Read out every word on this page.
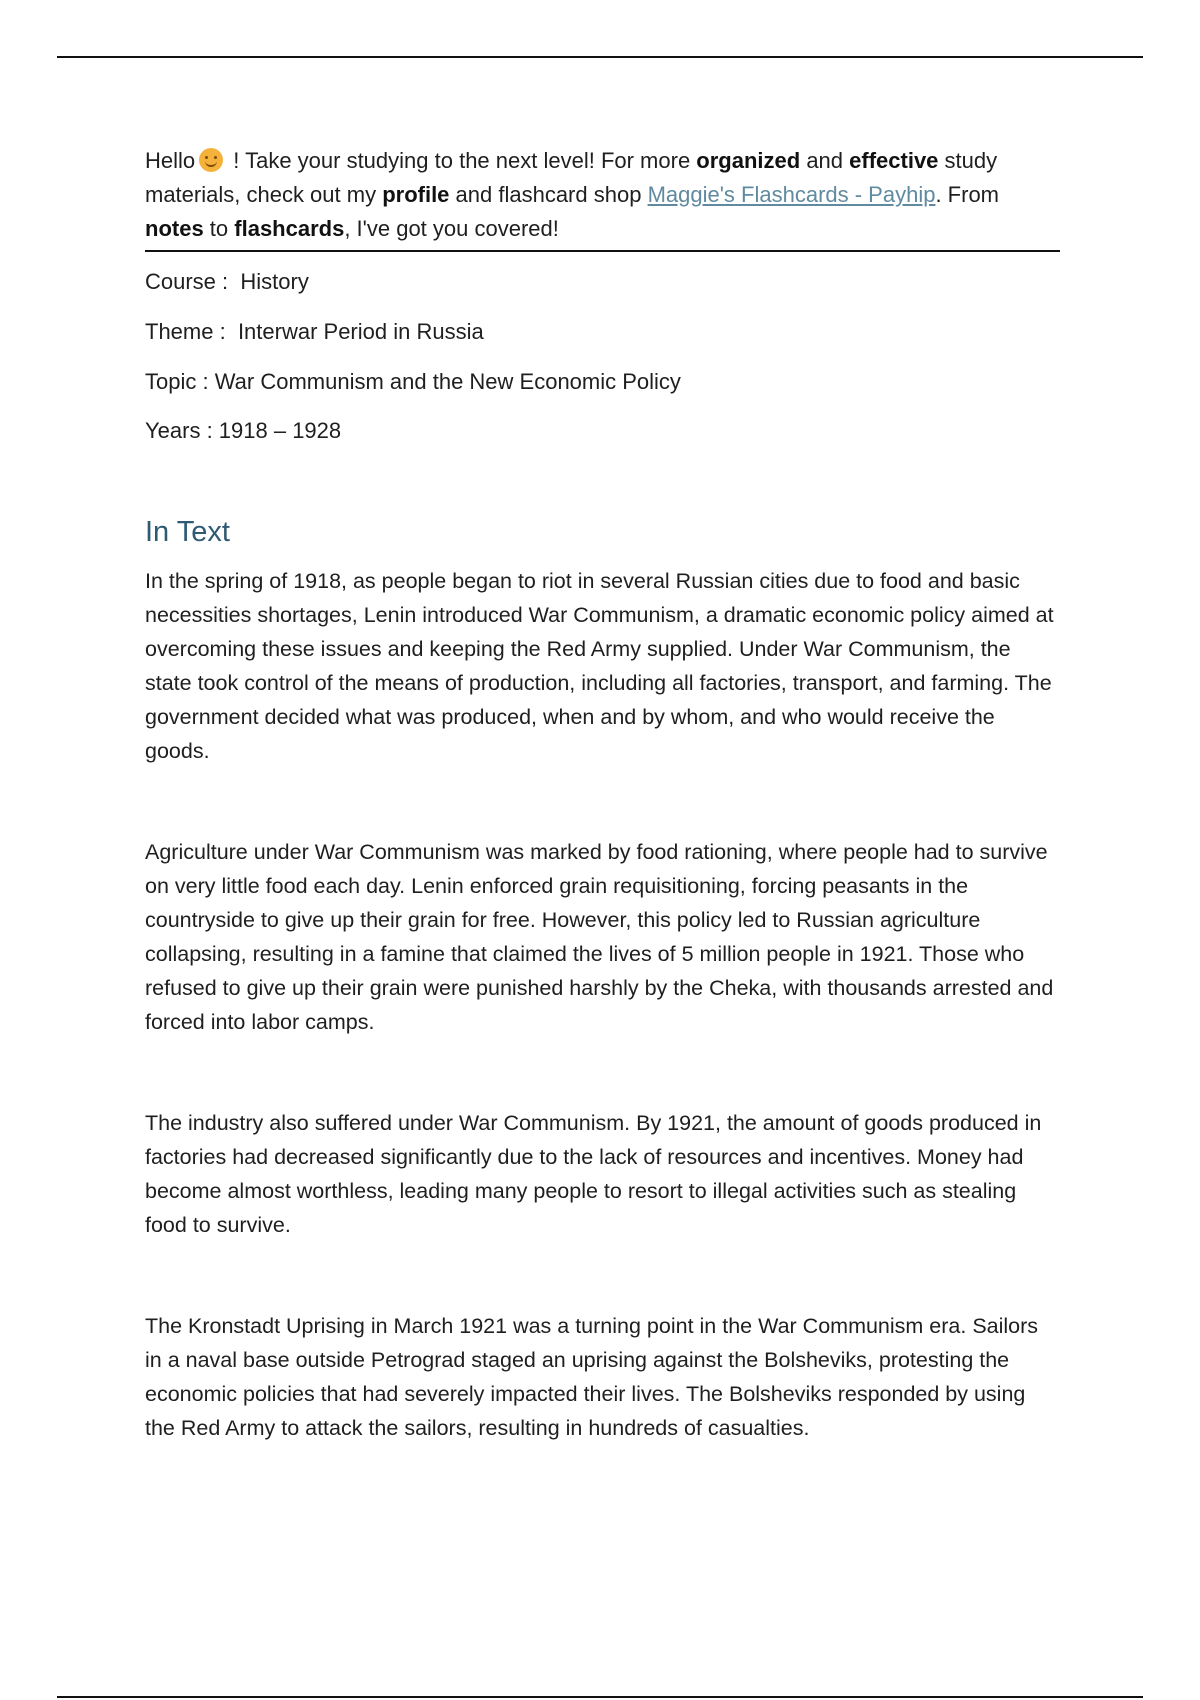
Hello ! Take your studying to the next level! For more organized and effective study materials, check out my profile and flashcard shop Maggie's Flashcards - Payhip. From notes to flashcards, I've got you covered!

Course :  History

Theme :  Interwar Period in Russia

Topic : War Communism and the New Economic Policy

Years : 1918 – 1928

In Text

In the spring of 1918, as people began to riot in several Russian cities due to food and basic necessities shortages, Lenin introduced War Communism, a dramatic economic policy aimed at overcoming these issues and keeping the Red Army supplied. Under War Communism, the state took control of the means of production, including all factories, transport, and farming. The government decided what was produced, when and by whom, and who would receive the goods.

Agriculture under War Communism was marked by food rationing, where people had to survive on very little food each day. Lenin enforced grain requisitioning, forcing peasants in the countryside to give up their grain for free. However, this policy led to Russian agriculture collapsing, resulting in a famine that claimed the lives of 5 million people in 1921. Those who refused to give up their grain were punished harshly by the Cheka, with thousands arrested and forced into labor camps.

The industry also suffered under War Communism. By 1921, the amount of goods produced in factories had decreased significantly due to the lack of resources and incentives. Money had become almost worthless, leading many people to resort to illegal activities such as stealing food to survive.

The Kronstadt Uprising in March 1921 was a turning point in the War Communism era. Sailors in a naval base outside Petrograd staged an uprising against the Bolsheviks, protesting the economic policies that had severely impacted their lives. The Bolsheviks responded by using the Red Army to attack the sailors, resulting in hundreds of casualties.
